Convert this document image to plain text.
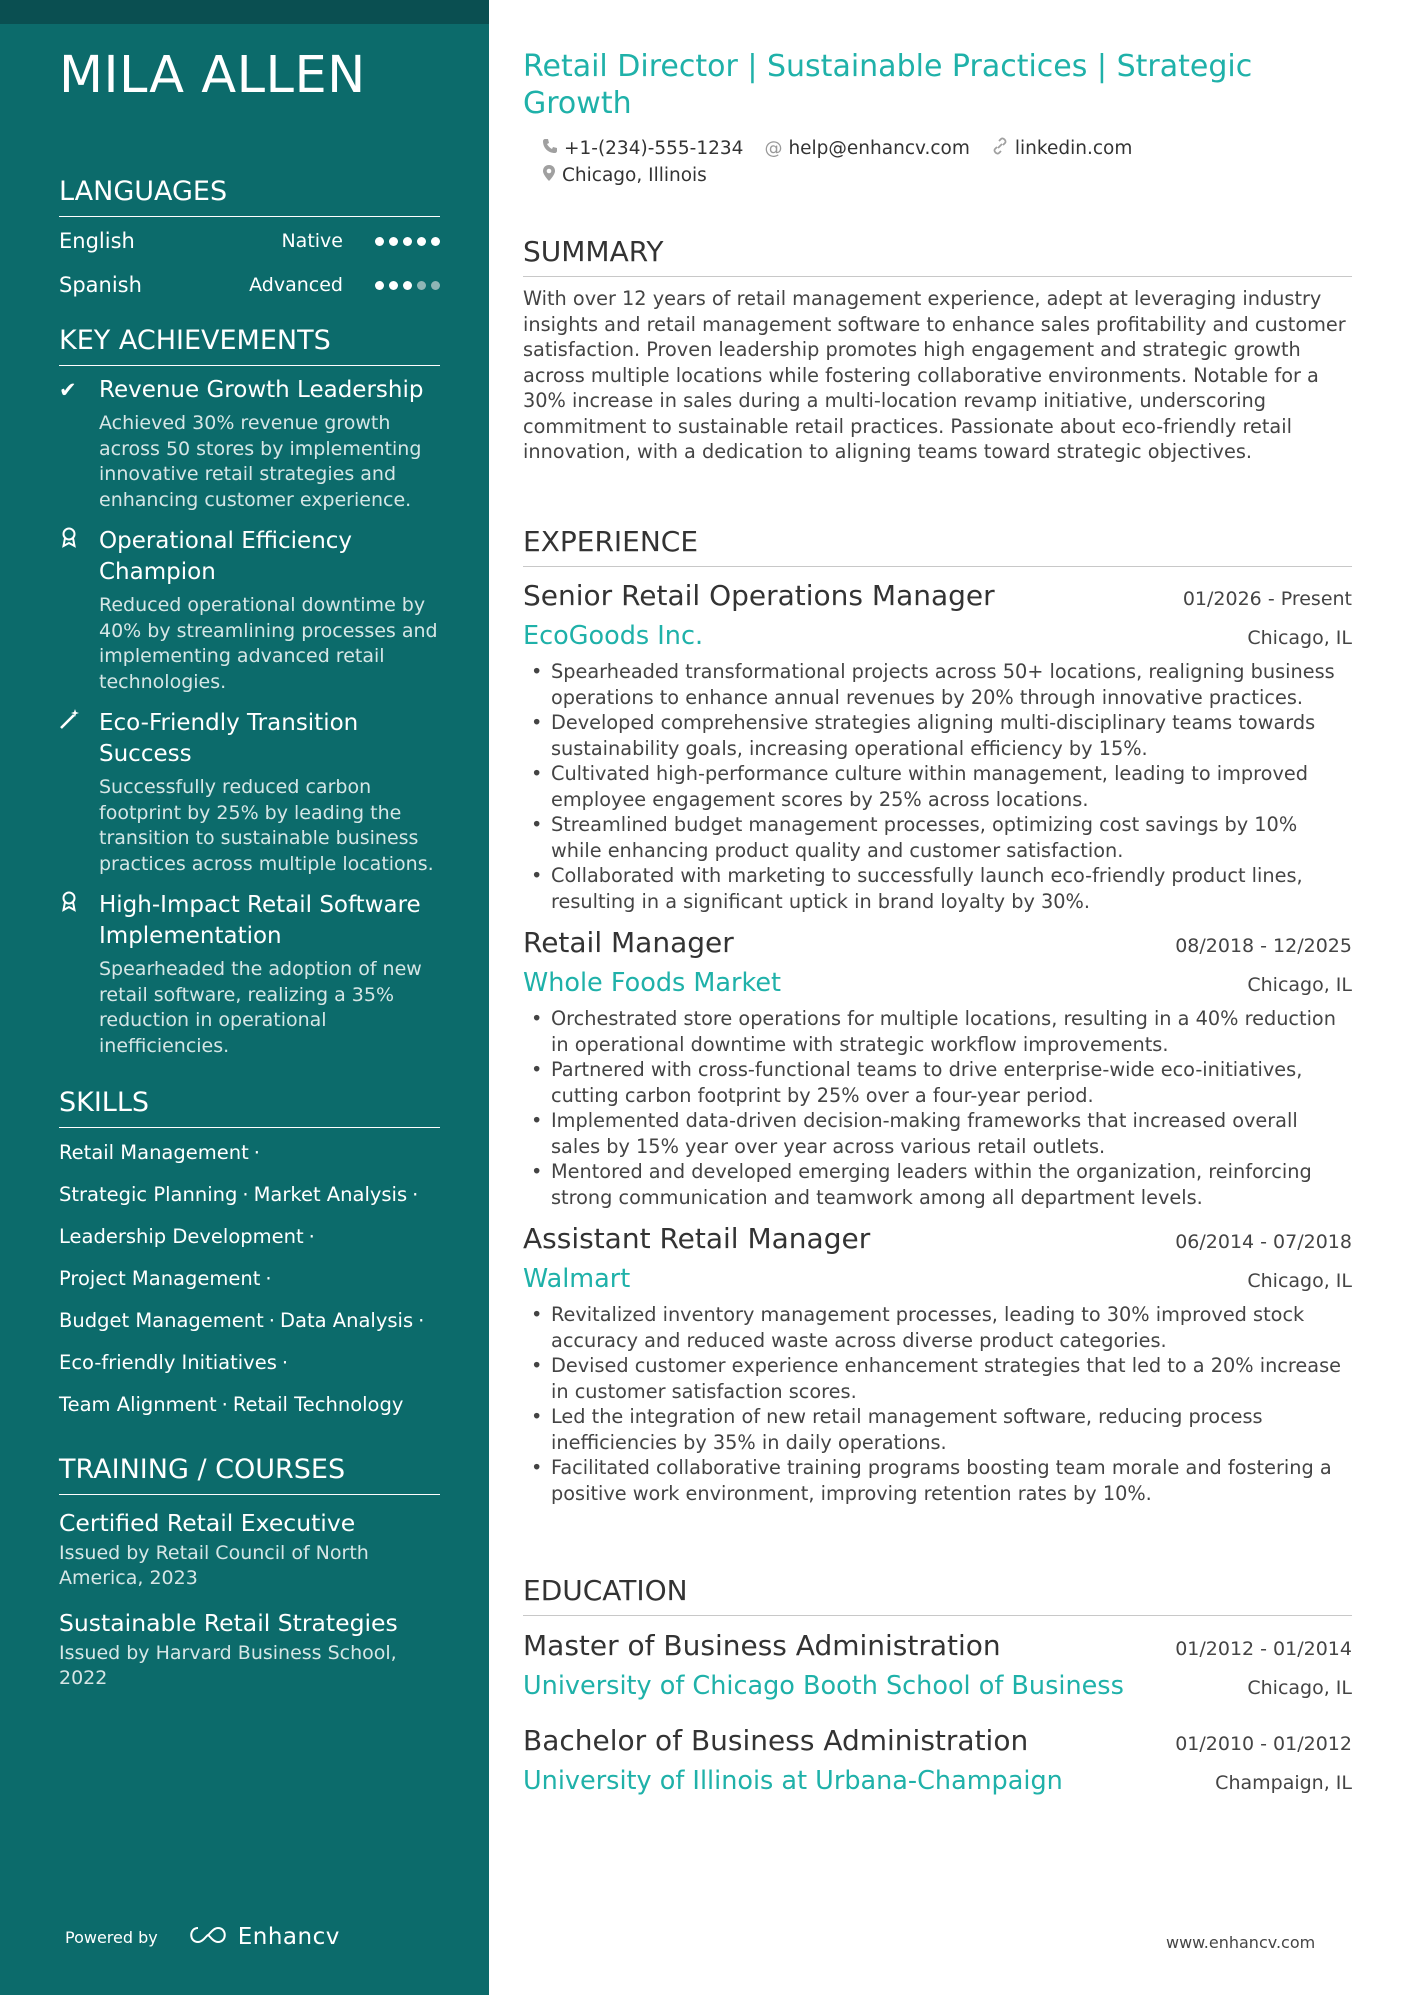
MILA ALLEN
LANGUAGES
English	Native
Spanish	Advanced
KEY ACHIEVEMENTS
✔ Revenue Growth Leadership
Achieved 30% revenue growth across 50 stores by implementing innovative retail strategies and enhancing customer experience.
Operational Efficiency Champion
Reduced operational downtime by 40% by streamlining processes and implementing advanced retail technologies.
Eco-Friendly Transition Success
Successfully reduced carbon footprint by 25% by leading the transition to sustainable business practices across multiple locations.
High-Impact Retail Software Implementation
Spearheaded the adoption of new retail software, realizing a 35% reduction in operational inefficiencies.
SKILLS
Retail Management ·
Strategic Planning · Market Analysis ·
Leadership Development ·
Project Management ·
Budget Management · Data Analysis ·
Eco-friendly Initiatives ·
Team Alignment · Retail Technology
TRAINING / COURSES
Certified Retail Executive
Issued by Retail Council of North America, 2023
Sustainable Retail Strategies
Issued by Harvard Business School, 2022
Powered by	Enhancv
Retail Director | Sustainable Practices | Strategic Growth
+1-(234)-555-1234 @ help@enhancv.com linkedin.com
Chicago, Illinois
SUMMARY

With over 12 years of retail management experience, adept at leveraging industry insights and retail management software to enhance sales profitability and customer satisfaction. Proven leadership promotes high engagement and strategic growth across multiple locations while fostering collaborative environments. Notable for a 30% increase in sales during a multi-location revamp initiative, underscoring commitment to sustainable retail practices. Passionate about eco-friendly retail innovation, with a dedication to aligning teams toward strategic objectives.

EXPERIENCE
Senior Retail Operations Manager	01/2026 - Present
EcoGoods Inc.	Chicago, IL
• Spearheaded transformational projects across 50+ locations, realigning business operations to enhance annual revenues by 20% through innovative practices.
• Developed comprehensive strategies aligning multi-disciplinary teams towards sustainability goals, increasing operational efficiency by 15%.
• Cultivated high-performance culture within management, leading to improved employee engagement scores by 25% across locations.
• Streamlined budget management processes, optimizing cost savings by 10% while enhancing product quality and customer satisfaction.
• Collaborated with marketing to successfully launch eco-friendly product lines, resulting in a significant uptick in brand loyalty by 30%.
Retail Manager	08/2018 - 12/2025
Whole Foods Market	Chicago, IL
• Orchestrated store operations for multiple locations, resulting in a 40% reduction in operational downtime with strategic workflow improvements.
• Partnered with cross-functional teams to drive enterprise-wide eco-initiatives, cutting carbon footprint by 25% over a four-year period.
• Implemented data-driven decision-making frameworks that increased overall sales by 15% year over year across various retail outlets.
• Mentored and developed emerging leaders within the organization, reinforcing strong communication and teamwork among all department levels.
Assistant Retail Manager	06/2014 - 07/2018
Walmart	Chicago, IL
• Revitalized inventory management processes, leading to 30% improved stock accuracy and reduced waste across diverse product categories.
• Devised customer experience enhancement strategies that led to a 20% increase in customer satisfaction scores.
• Led the integration of new retail management software, reducing process inefficiencies by 35% in daily operations.
• Facilitated collaborative training programs boosting team morale and fostering a positive work environment, improving retention rates by 10%.
EDUCATION
Master of Business Administration	01/2012 - 01/2014
University of Chicago Booth School of Business	Chicago, IL
Bachelor of Business Administration	01/2010 - 01/2012
University of Illinois at Urbana-Champaign	Champaign, IL
www.enhancv.com
